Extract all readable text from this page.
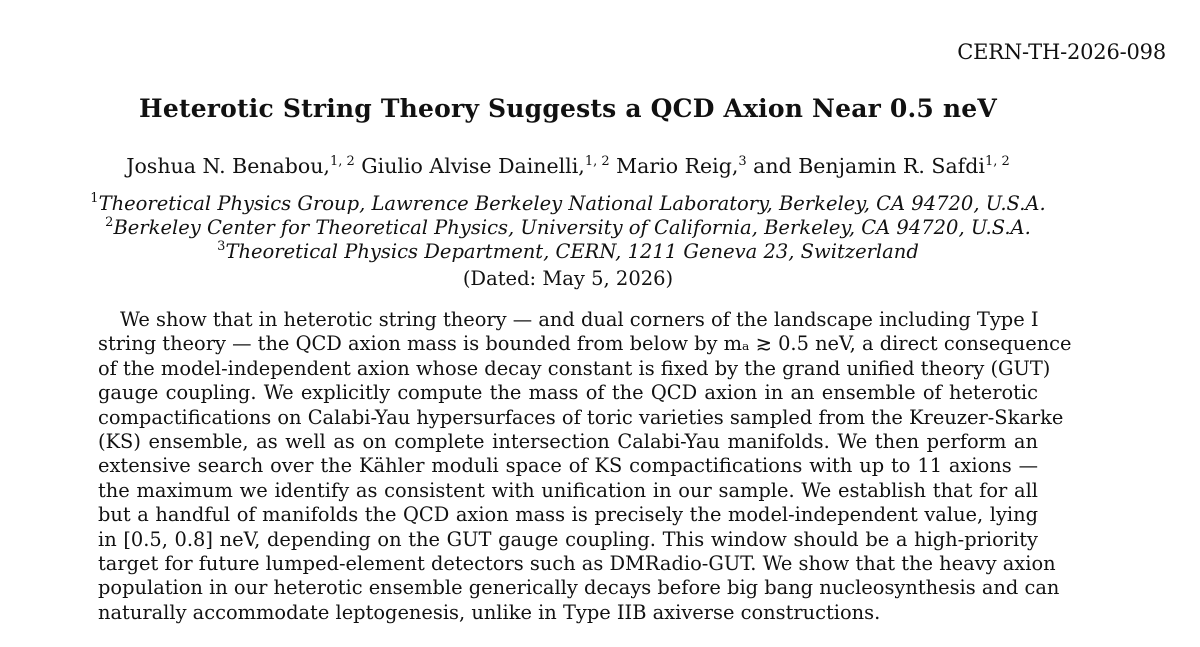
CERN-TH-2026-098
Heterotic String Theory Suggests a QCD Axion Near 0.5 neV
Joshua N. Benabou,$^{1, 2}$ Giulio Alvise Dainelli,$^{1, 2}$ Mario Reig,$^3$ and Benjamin R. Safdi$^{1, 2}$
$^1$Theoretical Physics Group, Lawrence Berkeley National Laboratory, Berkeley, CA 94720, U.S.A.
$^2$Berkeley Center for Theoretical Physics, University of California, Berkeley, CA 94720, U.S.A.
$^3$Theoretical Physics Department, CERN, 1211 Geneva 23, Switzerland
(Dated: May 5, 2026)
We show that in heterotic string theory — and dual corners of the landscape including Type I
string theory — the QCD axion mass is bounded from below by mₐ ≳ 0.5 neV, a direct consequence
of the model-independent axion whose decay constant is fixed by the grand unified theory (GUT)
gauge coupling. We explicitly compute the mass of the QCD axion in an ensemble of heterotic
compactifications on Calabi-Yau hypersurfaces of toric varieties sampled from the Kreuzer-Skarke
(KS) ensemble, as well as on complete intersection Calabi-Yau manifolds. We then perform an
extensive search over the Kähler moduli space of KS compactifications with up to 11 axions —
the maximum we identify as consistent with unification in our sample. We establish that for all
but a handful of manifolds the QCD axion mass is precisely the model-independent value, lying
in [0.5, 0.8] neV, depending on the GUT gauge coupling. This window should be a high-priority
target for future lumped-element detectors such as DMRadio-GUT. We show that the heavy axion
population in our heterotic ensemble generically decays before big bang nucleosynthesis and can
naturally accommodate leptogenesis, unlike in Type IIB axiverse constructions.
